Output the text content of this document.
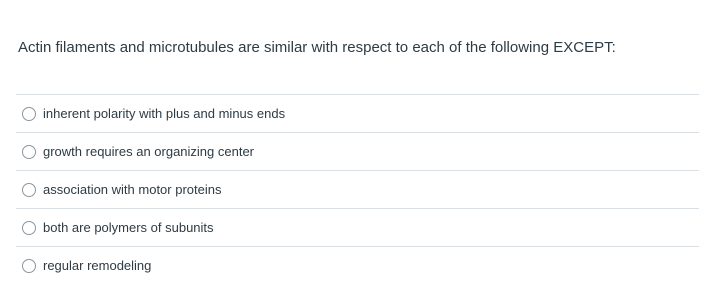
Actin filaments and microtubules are similar with respect to each of the following EXCEPT:
inherent polarity with plus and minus ends
growth requires an organizing center
association with motor proteins
both are polymers of subunits
regular remodeling
